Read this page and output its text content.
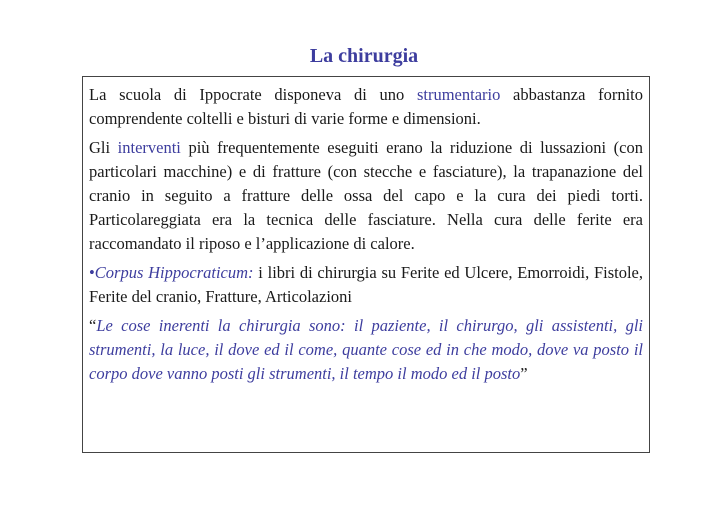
La chirurgia

La scuola di Ippocrate disponeva di uno strumentario abbastanza fornito comprendente coltelli e bisturi di varie forme e dimensioni.

Gli interventi più frequentemente eseguiti erano la riduzione di lussazioni (con particolari macchine) e di fratture (con stecche e fasciature), la trapanazione del cranio in seguito a fratture delle ossa del capo e la cura dei piedi torti. Particolareggiata era la tecnica delle fasciature. Nella cura delle ferite era raccomandato il riposo e l’applicazione di calore.

•Corpus Hippocraticum: i libri di chirurgia su Ferite ed Ulcere, Emorroidi, Fistole, Ferite del cranio, Fratture, Articolazioni

“Le cose inerenti la chirurgia sono: il paziente, il chirurgo, gli assistenti, gli strumenti, la luce, il dove ed il come, quante cose ed in che modo, dove va posto il corpo dove vanno posti gli strumenti, il tempo il modo ed il posto”
